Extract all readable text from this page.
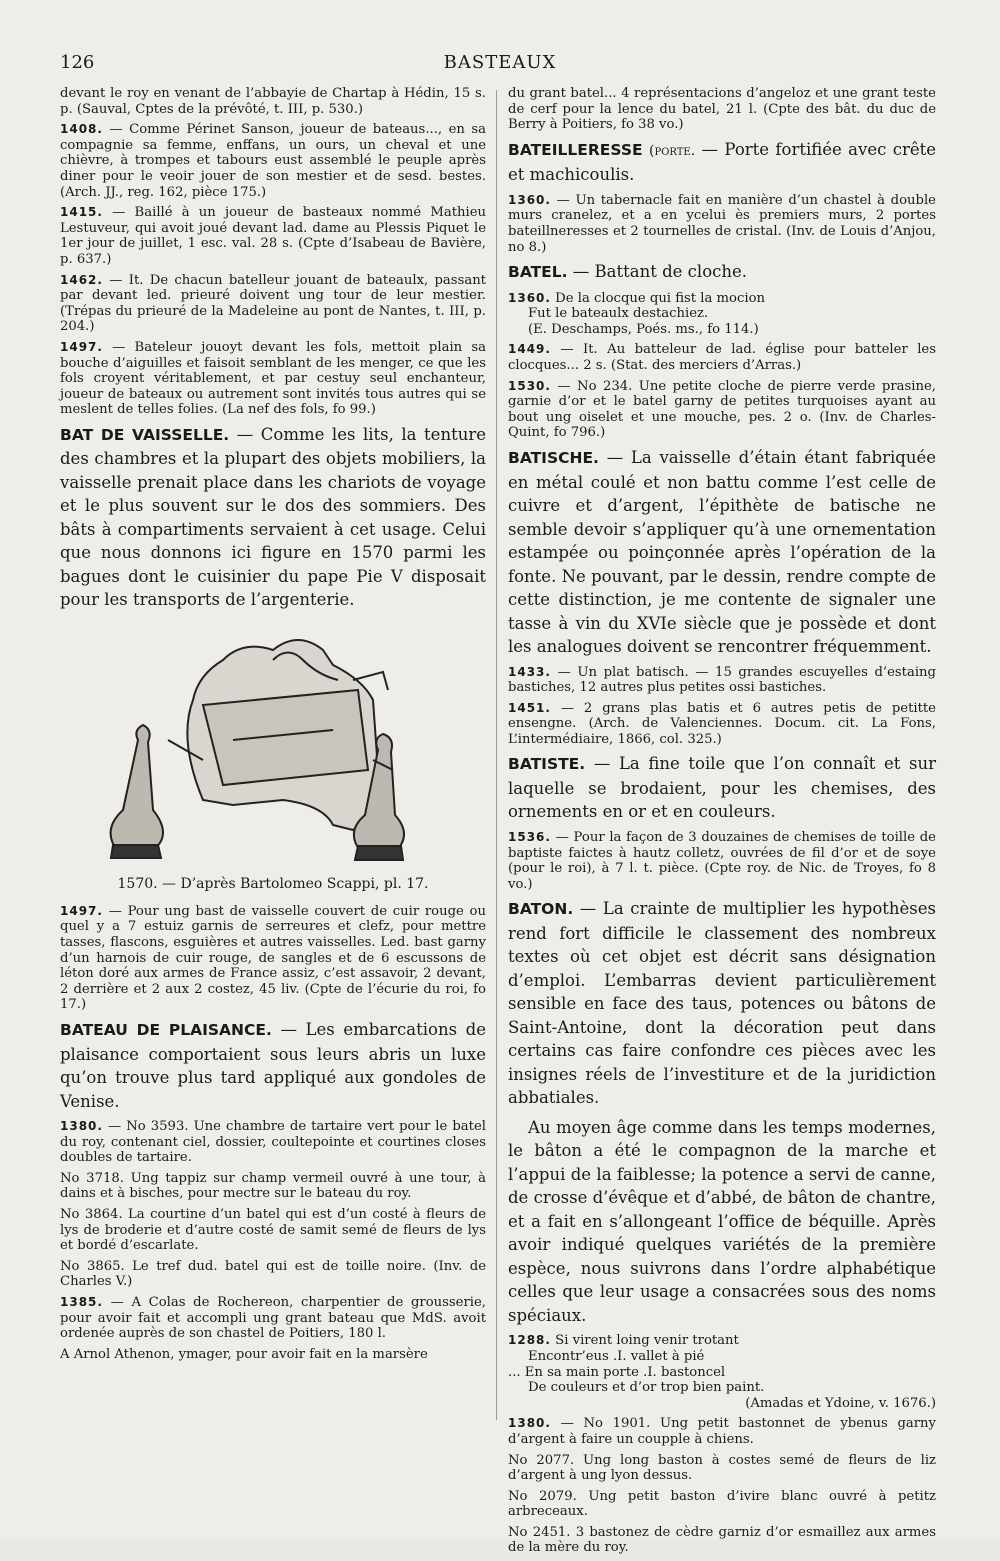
126	BASTEAUX

devant le roy en venant de l’abbayie de Chartap à Hédin, 15 s. p. (Sauval, Cptes de la prévôté, t. III, p. 530.)

1408. — Comme Périnet Sanson, joueur de bateaus..., en sa compagnie sa femme, enffans, un ours, un cheval et une chièvre, à trompes et tabours eust assemblé le peuple après diner pour le veoir jouer de son mestier et de sesd. bestes. (Arch. JJ., reg. 162, pièce 175.)

1415. — Baillé à un joueur de basteaux nommé Mathieu Lestuveur, qui avoit joué devant lad. dame au Plessis Piquet le 1er jour de juillet, 1 esc. val. 28 s. (Cpte d’Isabeau de Bavière, p. 637.)

1462. — It. De chacun batelleur jouant de bateaulx, passant par devant led. prieuré doivent ung tour de leur mestier. (Trépas du prieuré de la Madeleine au pont de Nantes, t. III, p. 204.)

1497. — Bateleur jouoyt devant les fols, mettoit plain sa bouche d’aiguilles et faisoit semblant de les menger, ce que les fols croyent véritablement, et par cestuy seul enchanteur, joueur de bateaux ou autrement sont invités tous autres qui se meslent de telles folies. (La nef des fols, fo 99.)

BAT DE VAISSELLE. — Comme les lits, la tenture des chambres et la plupart des objets mobiliers, la vaisselle prenait place dans les chariots de voyage et le plus souvent sur le dos des sommiers. Des bâts à compartiments servaient à cet usage. Celui que nous donnons ici figure en 1570 parmi les bagues dont le cuisinier du pape Pie V disposait pour les transports de l’argenterie.

1570. — D’après Bartolomeo Scappi, pl. 17.

1497. — Pour ung bast de vaisselle couvert de cuir rouge ou quel y a 7 estuiz garnis de serreures et clefz, pour mettre tasses, flascons, esguières et autres vaisselles. Led. bast garny d’un harnois de cuir rouge, de sangles et de 6 escussons de léton doré aux armes de France assiz, c’est assavoir, 2 devant, 2 derrière et 2 aux 2 costez, 45 liv. (Cpte de l’écurie du roi, fo 17.)

BATEAU DE PLAISANCE. — Les embarcations de plaisance comportaient sous leurs abris un luxe qu’on trouve plus tard appliqué aux gondoles de Venise.

1380. — No 3593. Une chambre de tartaire vert pour le batel du roy, contenant ciel, dossier, coultepointe et courtines closes doubles de tartaire.

No 3718. Ung tappiz sur champ vermeil ouvré à une tour, à dains et à bisches, pour mectre sur le bateau du roy.

No 3864. La courtine d’un batel qui est d’un costé à fleurs de lys de broderie et d’autre costé de samit semé de fleurs de lys et bordé d’escarlate.

No 3865. Le tref dud. batel qui est de toille noire. (Inv. de Charles V.)

1385. — A Colas de Rochereon, charpentier de grousserie, pour avoir fait et accompli ung grant bateau que MdS. avoit ordenée auprès de son chastel de Poitiers, 180 l.

A Arnol Athenon, ymager, pour avoir fait en la marsère

du grant batel... 4 représentacions d’angeloz et une grant teste de cerf pour la lence du batel, 21 l. (Cpte des bât. du duc de Berry à Poitiers, fo 38 vo.)

BATEILLERESSE (porte. — Porte fortifiée avec crête et machicoulis.

1360. — Un tabernacle fait en manière d’un chastel à double murs cranelez, et a en ycelui ès premiers murs, 2 portes bateillneresses et 2 tournelles de cristal. (Inv. de Louis d’Anjou, no 8.)

BATEL. — Battant de cloche.

1360. De la clocque qui fist la mocion
Fut le bateaulx destachiez.
(E. Deschamps, Poés. ms., fo 114.)

1449. — It. Au batteleur de lad. église pour batteler les clocques... 2 s. (Stat. des merciers d’Arras.)

1530. — No 234. Une petite cloche de pierre verde prasine, garnie d’or et le batel garny de petites turquoises ayant au bout ung oiselet et une mouche, pes. 2 o. (Inv. de Charles-Quint, fo 796.)

BATISCHE. — La vaisselle d’étain étant fabriquée en métal coulé et non battu comme l’est celle de cuivre et d’argent, l’épithète de batische ne semble devoir s’appliquer qu’à une ornementation estampée ou poinçonnée après l’opération de la fonte. Ne pouvant, par le dessin, rendre compte de cette distinction, je me contente de signaler une tasse à vin du XVIe siècle que je possède et dont les analogues doivent se rencontrer fréquemment.

1433. — Un plat batisch. — 15 grandes escuyelles d’estaing bastiches, 12 autres plus petites ossi bastiches.

1451. — 2 grans plas batis et 6 autres petis de petitte ensengne. (Arch. de Valenciennes. Docum. cit. La Fons, L’intermédiaire, 1866, col. 325.)

BATISTE. — La fine toile que l’on connaît et sur laquelle se brodaient, pour les chemises, des ornements en or et en couleurs.

1536. — Pour la façon de 3 douzaines de chemises de toille de baptiste faictes à hautz colletz, ouvrées de fil d’or et de soye (pour le roi), à 7 l. t. pièce. (Cpte roy. de Nic. de Troyes, fo 8 vo.)

BATON. — La crainte de multiplier les hypothèses rend fort difficile le classement des nombreux textes où cet objet est décrit sans désignation d’emploi. L’embarras devient particulièrement sensible en face des taus, potences ou bâtons de Saint-Antoine, dont la décoration peut dans certains cas faire confondre ces pièces avec les insignes réels de l’investiture et de la juridiction abbatiales.

Au moyen âge comme dans les temps modernes, le bâton a été le compagnon de la marche et l’appui de la faiblesse; la potence a servi de canne, de crosse d’évêque et d’abbé, de bâton de chantre, et a fait en s’allongeant l’office de béquille. Après avoir indiqué quelques variétés de la première espèce, nous suivrons dans l’ordre alphabétique celles que leur usage a consacrées sous des noms spéciaux.

1288. Si virent loing venir trotant
Encontr’eus .I. vallet à pié
... En sa main porte .I. bastoncel
De couleurs et d’or trop bien paint.
(Amadas et Ydoine, v. 1676.)

1380. — No 1901. Ung petit bastonnet de ybenus garny d’argent à faire un coupple à chiens.

No 2077. Ung long baston à costes semé de fleurs de liz d’argent à ung lyon dessus.

No 2079. Ung petit baston d’ivire blanc ouvré à petitz arbreceaux.

No 2451. 3 bastonez de cèdre garniz d’or esmaillez aux armes de la mère du roy.
